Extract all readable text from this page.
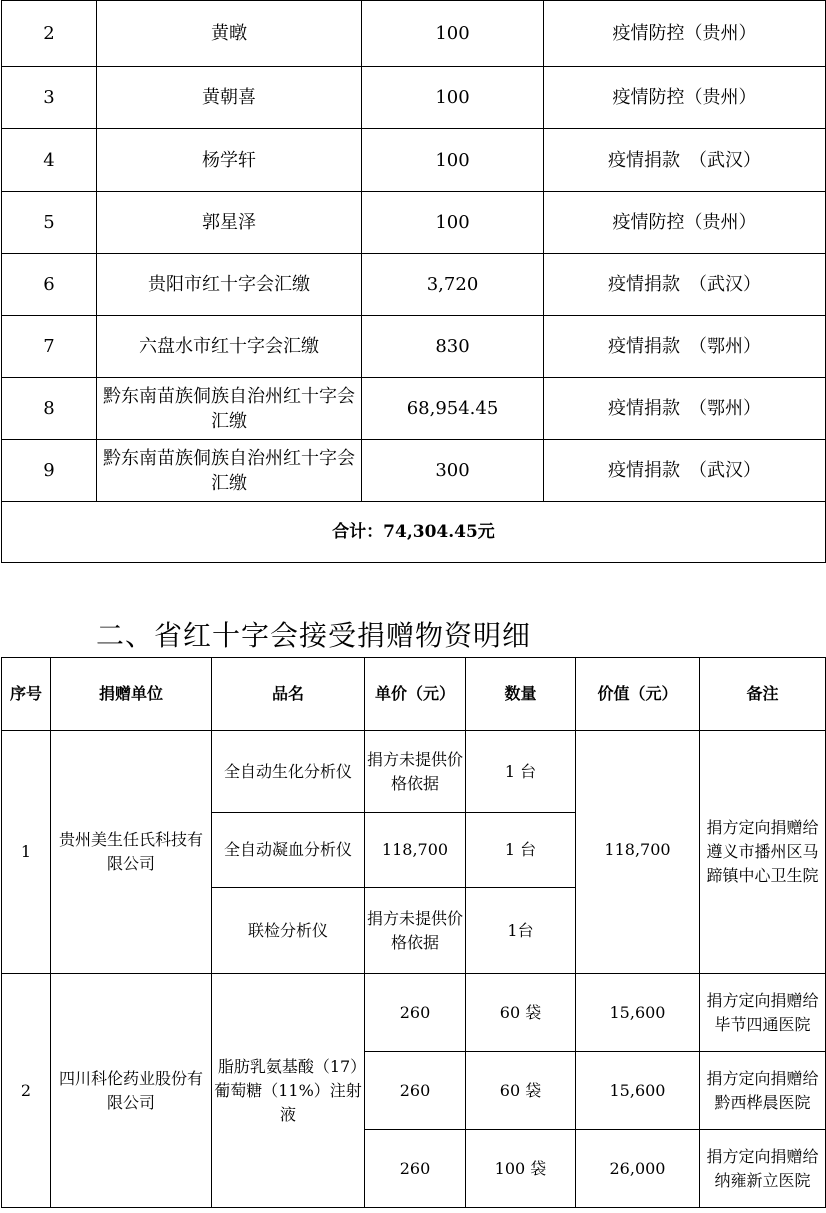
2	黄暾	100	疫情防控（贵州）
3	黄朝喜	100	疫情防控（贵州）
4	杨学轩	100	疫情捐款　（武汉）
5	郭星泽	100	疫情防控（贵州）
6	贵阳市红十字会汇缴	3,720	疫情捐款　（武汉）
7	六盘水市红十字会汇缴	830	疫情捐款　（鄂州）
8	黔东南苗族侗族自治州红十字会汇缴	68,954.45	疫情捐款　（鄂州）
9	黔东南苗族侗族自治州红十字会汇缴	300	疫情捐款　（武汉）
合计：74,304.45元			
二、省红十字会接受捐赠物资明细
序号	捐赠单位	品名	单价（元）	数量	价值（元）	备注
1	贵州美生任氏科技有限公司	全自动生化分析仪	捐方未提供价格依据	1 台		捐方定向捐赠给遵义市播州区马蹄镇中心卫生院
		全自动凝血分析仪	118,700	1 台	118,700	
		联检分析仪	捐方未提供价格依据	1台		
2	四川科伦药业股份有限公司	脂肪乳氨基酸（17）葡萄糖（11%）注射液	260	60 袋	15,600	捐方定向捐赠给毕节四通医院
			260	60 袋	15,600	捐方定向捐赠给黔西桦晨医院
			260	100 袋	26,000	捐方定向捐赠给纳雍新立医院
